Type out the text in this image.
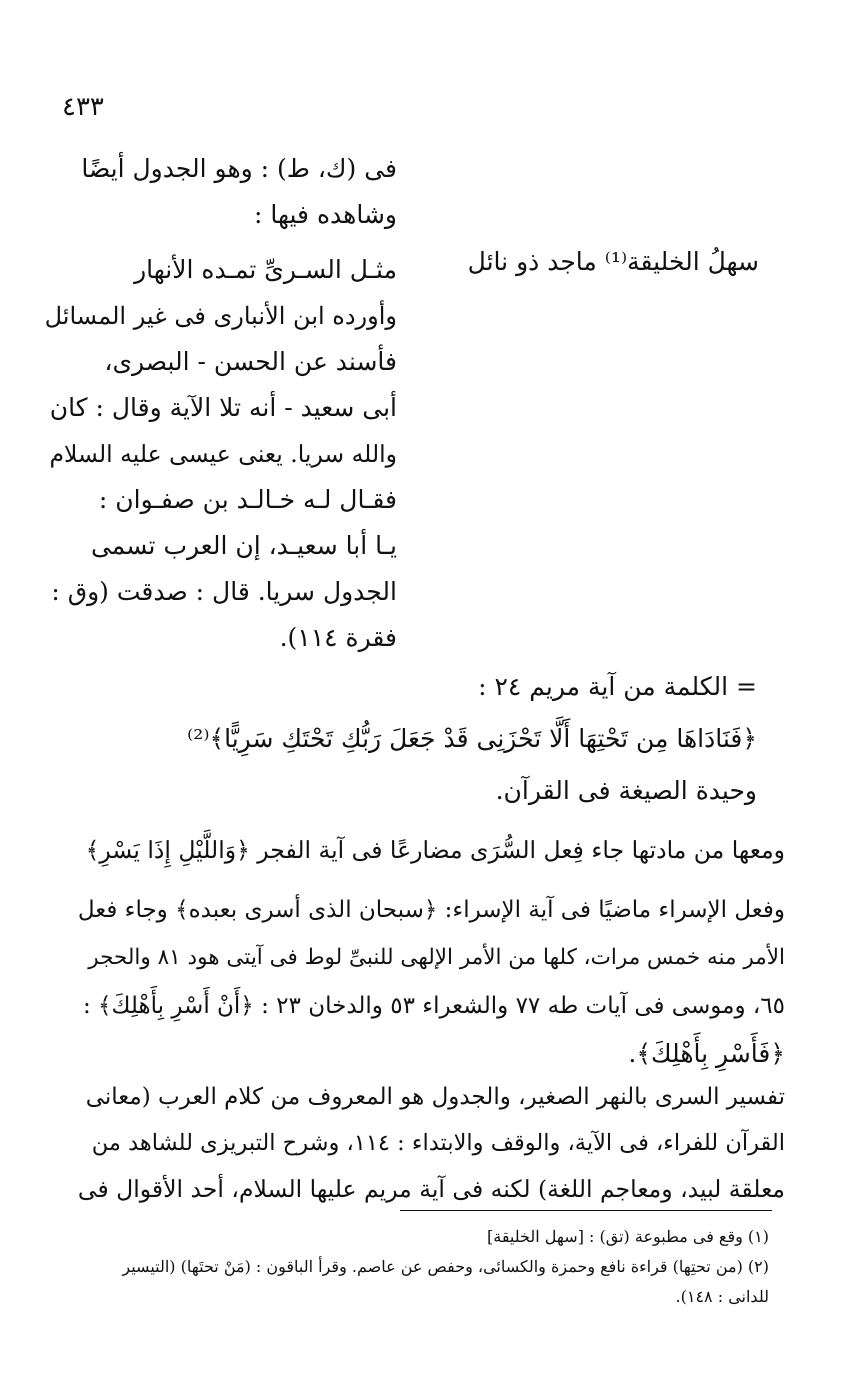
٤٣٣
فى (ك، ط) : وهو الجدول أيضًا
وشاهده فيها :
سهلُ الخليقة⁽¹⁾ ماجد ذو نائل
مثـل السـرىِّ تمـده الأنهار
وأورده ابن الأنبارى فى غير المسائل
فأسند عن الحسن - البصرى،
أبى سعيد - أنه تلا الآية وقال : كان
والله سريا. يعنى عيسى عليه السلام
فقـال لـه خـالـد بن صفـوان :
يـا أبا سعيـد، إن العرب تسمى
الجدول سريا. قال : صدقت (وق :
فقرة ١١٤).
= الكلمة من آية مريم ٢٤ :
﴿فَنَادَاهَا مِن تَحْتِهَا أَلَّا تَحْزَنِى قَدْ جَعَلَ رَبُّكِ تَحْتَكِ سَرِيًّا﴾⁽²⁾
وحيدة الصيغة فى القرآن.
ومعها من مادتها جاء فِعل السُّرَى مضارعًا فى آية الفجر ﴿وَاللَّيْلِ إِذَا يَسْرِ﴾
وفعل الإسراء ماضيًا فى آية الإسراء: ﴿سبحان الذى أسرى بعبده﴾ وجاء فعل
الأمر منه خمس مرات، كلها من الأمر الإلهى للنبىِّ لوط فى آيتى هود ٨١ والحجر
٦٥، وموسى فى آيات طه ٧٧ والشعراء ٥٣ والدخان ٢٣ : ﴿أَنْ أَسْرِ بِأَهْلِكَ﴾ :
﴿فَأَسْرِ بِأَهْلِكَ﴾.
تفسير السرى بالنهر الصغير، والجدول هو المعروف من كلام العرب (معانى
القرآن للفراء، فى الآية، والوقف والابتداء : ١١٤، وشرح التبريزى للشاهد من
معلقة لبيد، ومعاجم اللغة) لكنه فى آية مريم عليها السلام، أحد الأقوال فى
(١) وقع فى مطبوعة (تق) : [سهل الخليقة]
(٢) (من تحتِها) قراءة نافع وحمزة والكسائى، وحفص عن عاصم. وقرأ الباقون : (مَنْ تحتَها) (التيسير
للدانى : ١٤٨).
